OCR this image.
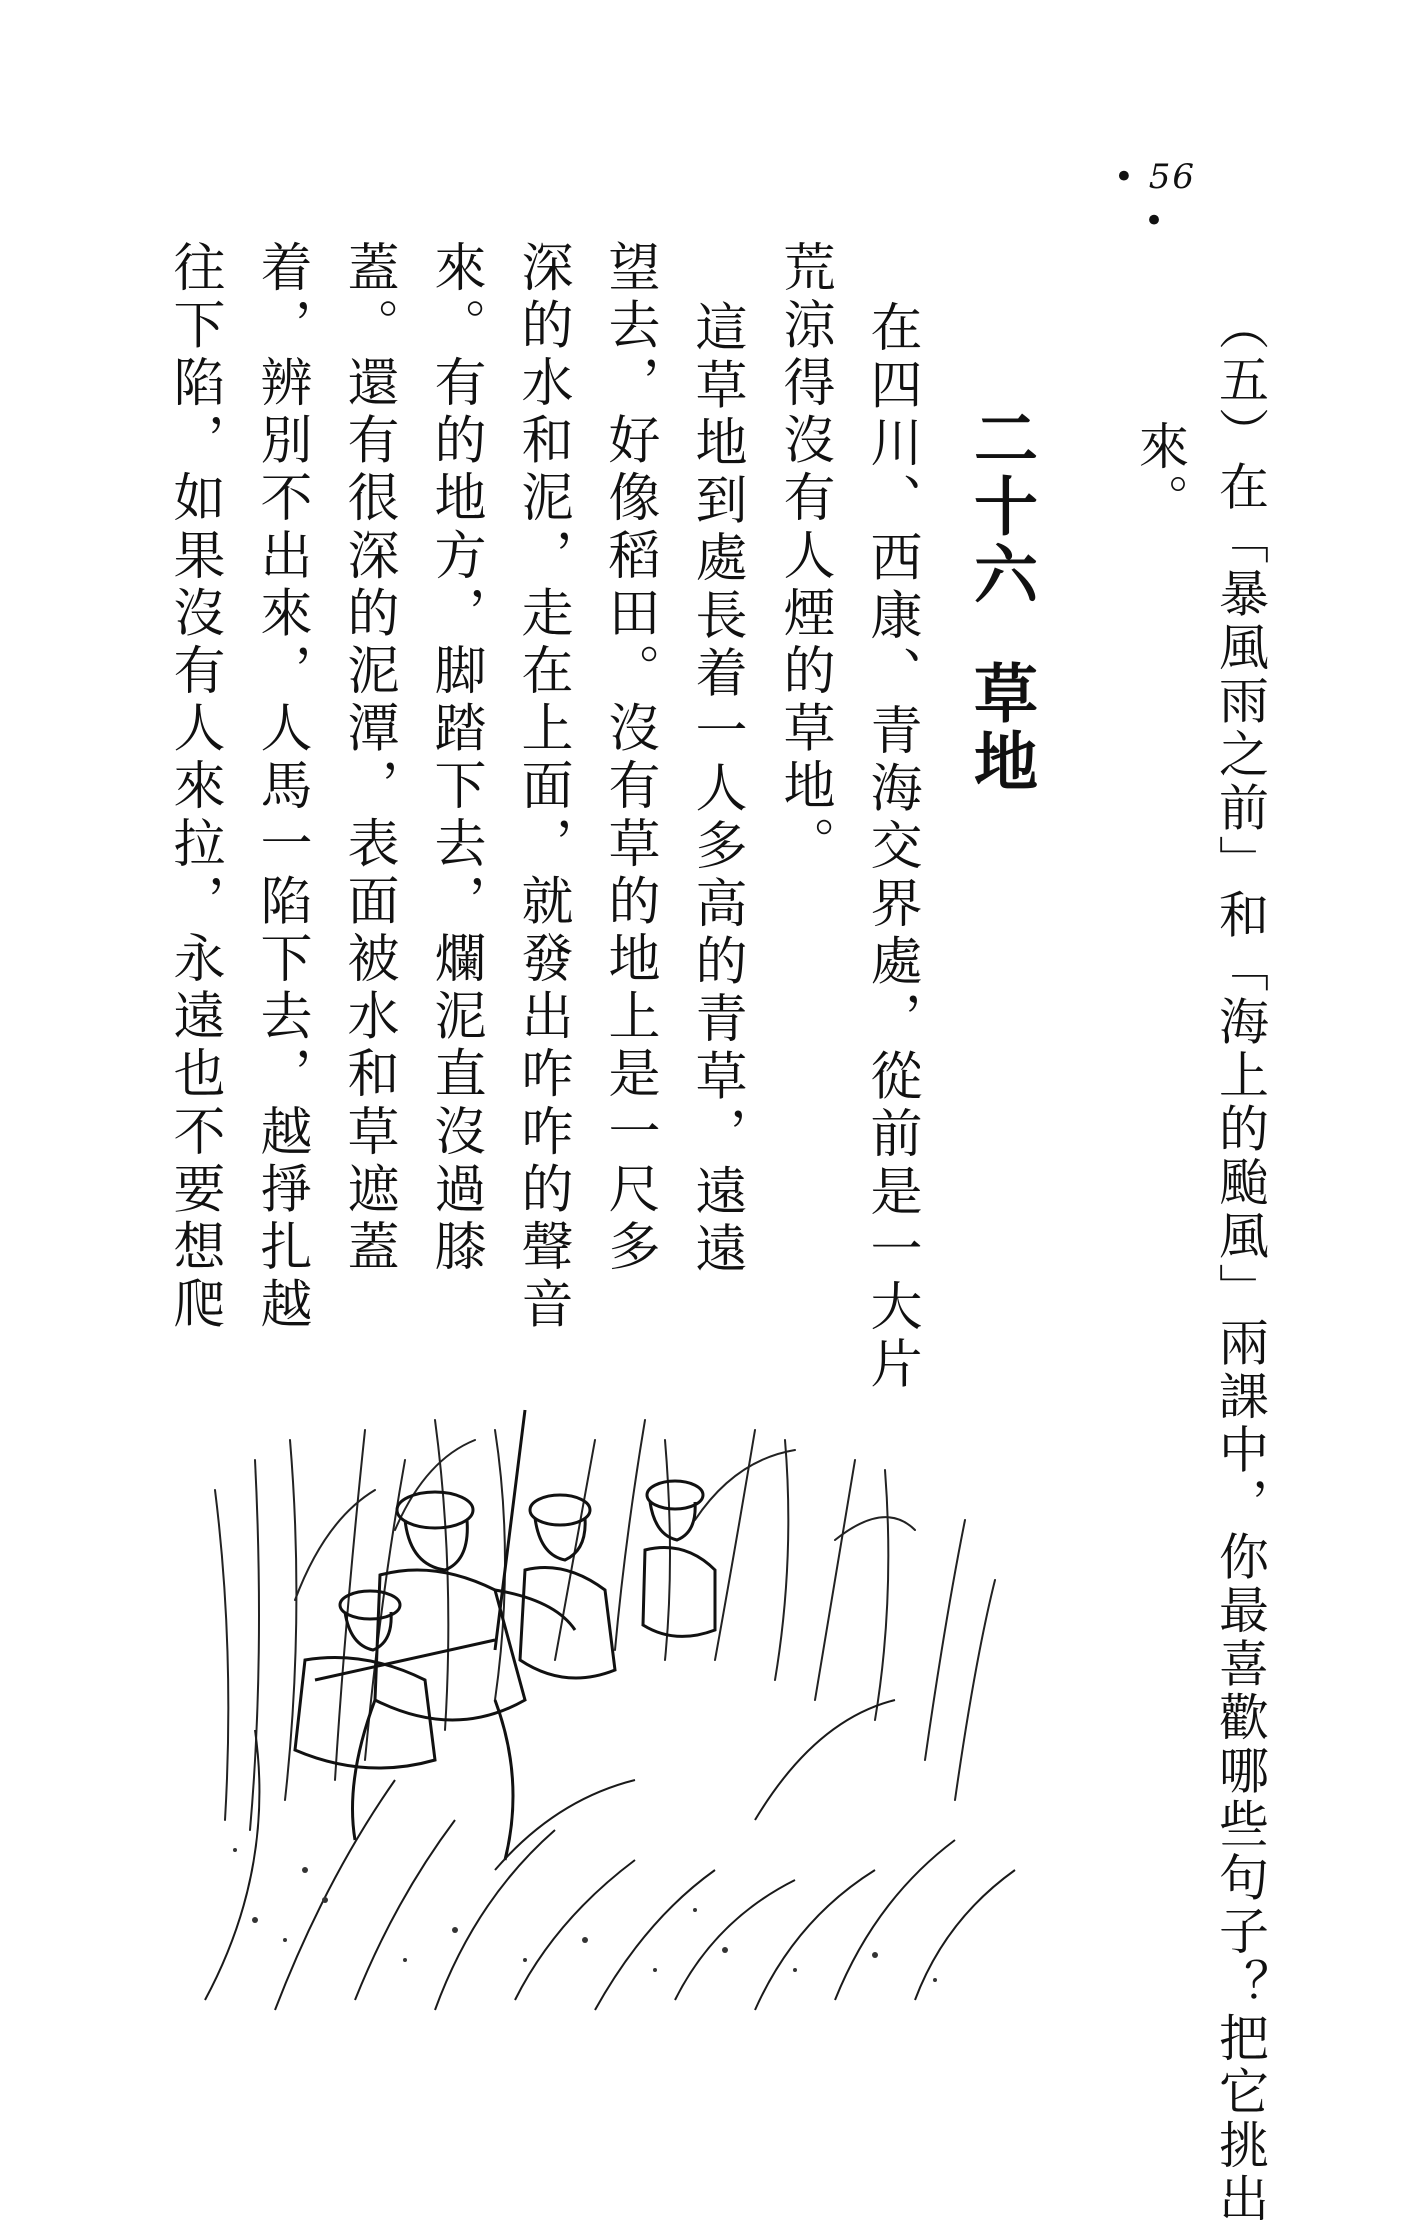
• 56 •
（五）在「暴風雨之前」和「海上的颱風」兩課中，你最喜歡哪些句子？把它挑出
來。
二十六
草地
在四川、西康、青海交界處，從前是一大片
荒涼得沒有人煙的草地。
這草地到處長着一人多高的青草，遠遠
望去，好像稻田。沒有草的地上是一尺多
深的水和泥，走在上面，就發出咋咋的聲音
來。有的地方，脚踏下去，爛泥直沒過膝
蓋。還有很深的泥潭，表面被水和草遮蓋
着，辨別不出來，人馬一陷下去，越掙扎越
往下陷，如果沒有人來拉，永遠也不要想爬
